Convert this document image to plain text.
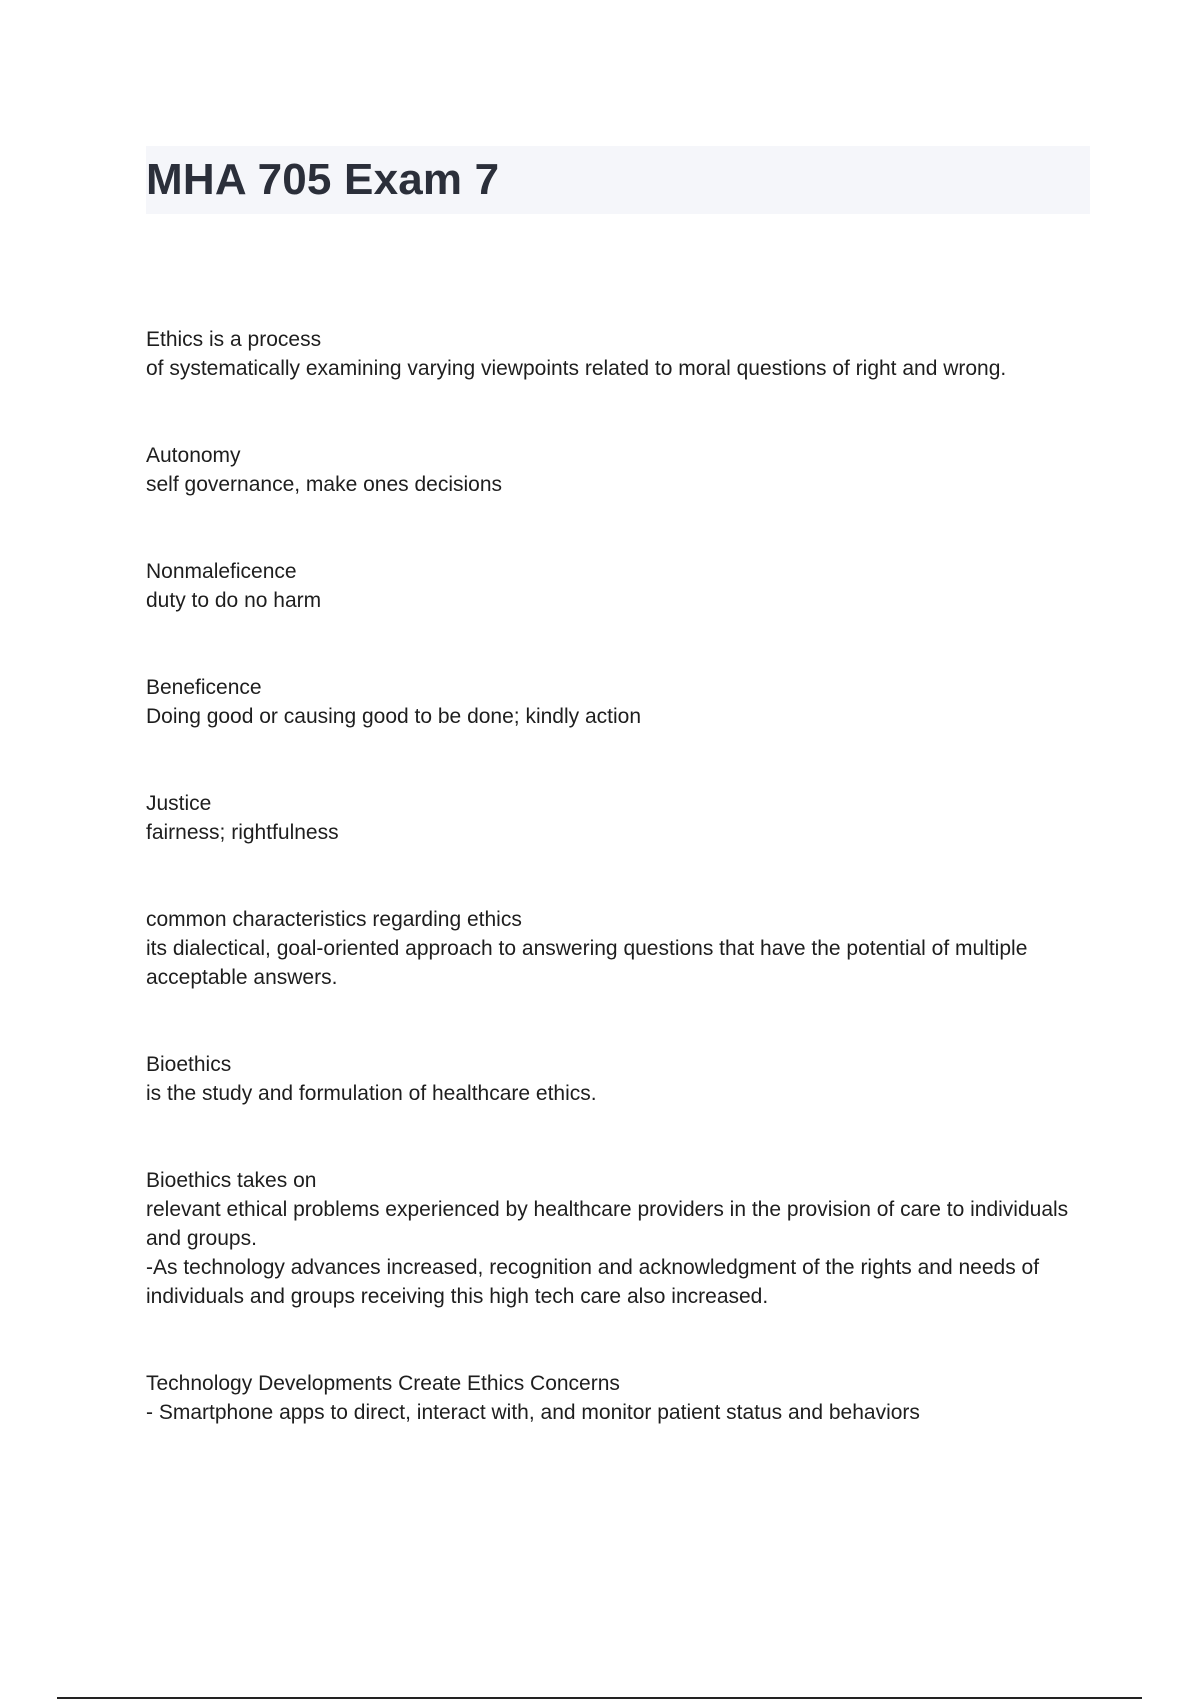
MHA 705 Exam 7
Ethics is a process
of systematically examining varying viewpoints related to moral questions of right and wrong.
Autonomy
self governance, make ones decisions
Nonmaleficence
duty to do no harm
Beneficence
Doing good or causing good to be done; kindly action
Justice
fairness; rightfulness
common characteristics regarding ethics
its dialectical, goal-oriented approach to answering questions that have the potential of multiple acceptable answers.
Bioethics
is the study and formulation of healthcare ethics.
Bioethics takes on
relevant ethical problems experienced by healthcare providers in the provision of care to individuals and groups.
-As technology advances increased, recognition and acknowledgment of the rights and needs of individuals and groups receiving this high tech care also increased.
Technology Developments Create Ethics Concerns
- Smartphone apps to direct, interact with, and monitor patient status and behaviors
